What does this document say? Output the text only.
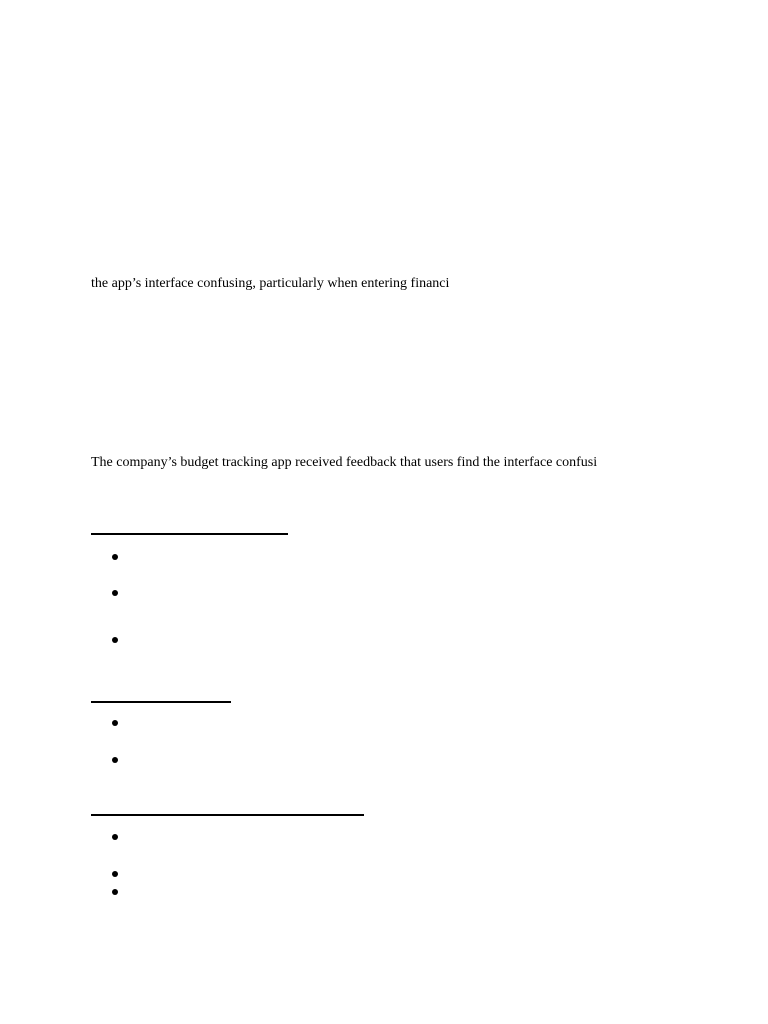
the app’s interface confusing, particularly when entering financi
The company’s budget tracking app received feedback that users find the interface confusi
